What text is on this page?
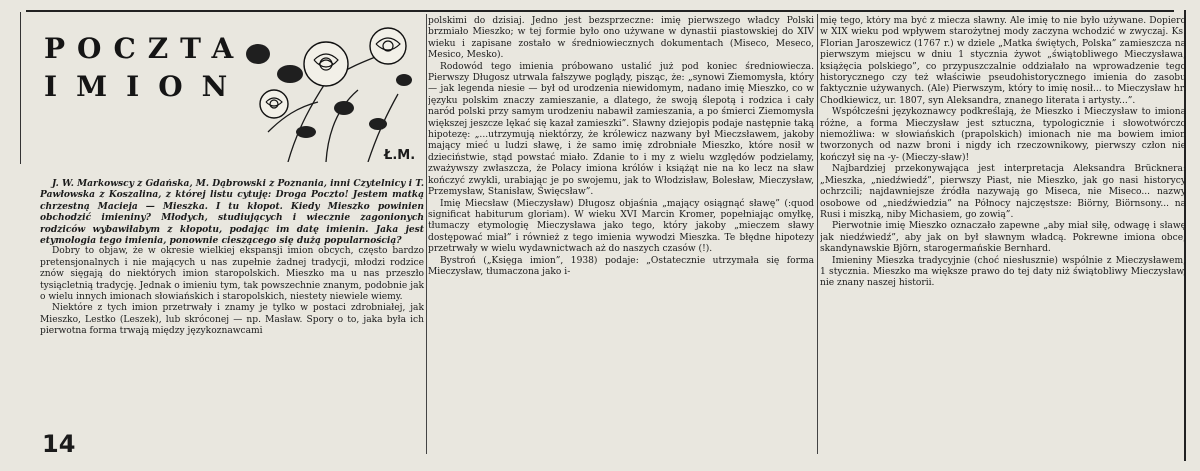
POCZTA
IMION
Ł.M.

J. W. Markowscy z Gdańska, M. Dąbrowski z Poznania, inni Czytelnicy i T. Pawłowska z Koszalina, z której listu cytuję: Droga Poczto! Jestem matką chrzestną Macieja — Mieszka. I tu kłopot. Kiedy Mieszko powinien obchodzić imieniny? Młodych, studiujących i wiecznie zagonionych rodziców wybawiłabym z kłopotu, podając im datę imienin. Jaka jest etymologia tego imienia, ponownie cieszącego się dużą popularnością?

Dobry to objaw, że w okresie wielkiej ekspansji imion obcych, często bardzo pretensjonalnych i nie mających u nas zupełnie żadnej tradycji, młodzi rodzice znów sięgają do niektórych imion staropolskich. Mieszko ma u nas przeszło tysiącletnią tradycję. Jednak o imieniu tym, tak powszechnie znanym, podobnie jak o wielu innych imionach słowiańskich i staropolskich, niestety niewiele wiemy.

Niektóre z tych imion przetrwały i znamy je tylko w postaci zdrobniałej, jak Mieszko, Lestko (Leszek), lub skróconej — np. Masław. Spory o to, jaka była ich pierwotna forma trwają między językoznawcami

polskimi do dzisiaj. Jedno jest bezsprzeczne: imię pierwszego władcy Polski brzmiało Mieszko; w tej formie było ono używane w dynastii piastowskiej do XIV wieku i zapisane zostało w średniowiecznych dokumentach (Miseco, Meseco, Mesico, Mesko).

Rodowód tego imienia próbowano ustalić już pod koniec średniowiecza. Pierwszy Długosz utrwala fałszywe poglądy, pisząc, że: „synowi Ziemomysła, który — jak legenda niesie — był od urodzenia niewidomym, nadano imię Mieszko, co w języku polskim znaczy zamieszanie, a dlatego, że swoją ślepotą i rodzica i cały naród polski przy samym urodzeniu nabawił zamieszania, a po śmierci Ziemomysła większej jeszcze lękać się kazał zamieszki”. Sławny dziejopis podaje następnie taką hipotezę: „...utrzymują niektórzy, że królewicz nazwany był Mieczsławem, jakoby mający mieć u ludzi sławę, i że samo imię zdrobniałe Mieszko, które nosił w dzieciństwie, stąd powstać miało. Zdanie to i my z wielu względów podzielamy, zważywszy zwłaszcza, że Polacy imiona królów i książąt nie na ko lecz na sław kończyć zwykli, urabiając je po swojemu, jak to Włodzisław, Bolesław, Mieczysław, Przemysław, Stanisław, Święcsław”.

Imię Miecsław (Mieczysław) Długosz objaśnia „mający osiągnąć sławę” (:quod significat habiturum gloriam). W wieku XVI Marcin Kromer, popełniając omyłkę, tłumaczy etymologię Mieczysława jako tego, który jakoby „mieczem sławy dostępować miał” i również z tego imienia wywodzi Mieszka. Te błędne hipotezy przetrwały w wielu wydawnictwach aż do naszych czasów (!).

Bystroń („Księga imion”, 1938) podaje: „Ostatecznie utrzymała się forma Mieczysław, tłumaczona jako i-

mię tego, który ma być z miecza sławny. Ale imię to nie było używane. Dopiero w XIX wieku pod wpływem starożytnej mody zaczyna wchodzić w zwyczaj. Ks. Florian Jaroszewicz (1767 r.) w dziele „Matka świętych, Polska” zamieszcza na pierwszym miejscu w dniu 1 stycznia żywot „świątobliwego Mieczysława, książęcia polskiego”, co przypuszczalnie oddziałało na wprowadzenie tego historycznego czy też właściwie pseudohistorycznego imienia do zasobu faktycznie używanych. (Ale) Pierwszym, który to imię nosił... to Mieczysław hr. Chodkiewicz, ur. 1807, syn Aleksandra, znanego literata i artysty...”.

Współcześni językoznawcy podkreślają, że Mieszko i Mieczysław to imiona różne, a forma Mieczysław jest sztuczna, typologicznie i słowotwórczo niemożliwa: w słowiańskich (prapolskich) imionach nie ma bowiem imion tworzonych od nazw broni i nigdy ich rzeczownikowy, pierwszy człon nie kończył się na -y- (Mieczy-sław)!

Najbardziej przekonywająca jest interpretacja Aleksandra Brücknera: „Mieszka, „niedźwiedź”, pierwszy Piast, nie Mieszko, jak go nasi historycy ochrzcili; najdawniejsze źródła nazywają go Miseca, nie Miseco... nazwy osobowe od „niedźwiedzia” na Północy najczęstsze: Biörny, Biörnsony... na Rusi i miszką, niby Michasiem, go zowią”.

Pierwotnie imię Mieszko oznaczało zapewne „aby miał siłę, odwagę i sławę jak niedźwiedź”, aby jak on był sławnym władcą. Pokrewne imiona obce, skandynawskie Björn, starogermańskie Bernhard.

Imieniny Mieszka tradycyjnie (choć niesłusznie) wspólnie z Mieczysławem, 1 stycznia. Mieszko ma większe prawo do tej daty niż świątobliwy Mieczysław, nie znany naszej historii.

14
